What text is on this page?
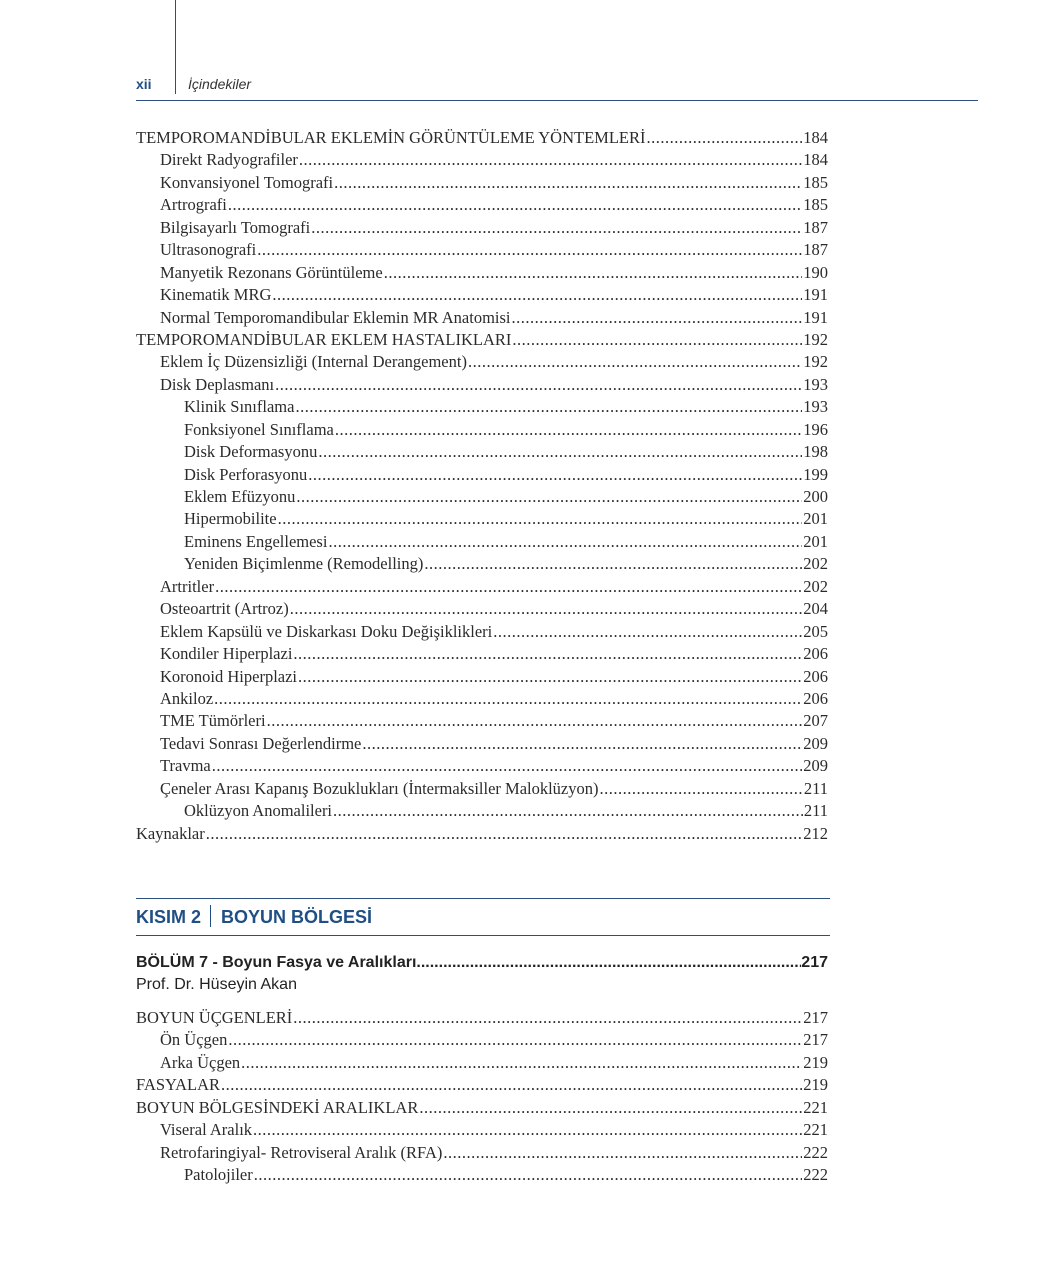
xii	İçindekiler
TEMPOROMANDİBULAR EKLEMİN GÖRÜNTÜLEME YÖNTEMLERİ .....	184
Direkt Radyografiler .....	184
Konvansiyonel Tomografi .....	185
Artrografi .....	185
Bilgisayarlı Tomografi .....	187
Ultrasonografi .....	187
Manyetik Rezonans Görüntüleme .....	190
Kinematik MRG .....	191
Normal Temporomandibular Eklemin MR Anatomisi .....	191
TEMPOROMANDİBULAR EKLEM HASTALIKLARI .....	192
Eklem İç Düzensizliği (Internal Derangement) .....	192
Disk Deplasmanı .....	193
Klinik Sınıflama .....	193
Fonksiyonel Sınıflama .....	196
Disk Deformasyonu .....	198
Disk Perforasyonu .....	199
Eklem Efüzyonu .....	200
Hipermobilite .....	201
Eminens Engellemesi .....	201
Yeniden Biçimlenme (Remodelling) .....	202
Artritler .....	202
Osteoartrit (Artroz) .....	204
Eklem Kapsülü ve Diskarkası Doku Değişiklikleri .....	205
Kondiler Hiperplazi .....	206
Koronoid Hiperplazi .....	206
Ankiloz .....	206
TME Tümörleri .....	207
Tedavi Sonrası Değerlendirme .....	209
Travma .....	209
Çeneler Arası Kapanış Bozuklukları (İntermaksiller Maloklüzyon) .....	211
Oklüzyon Anomalileri .....	211
Kaynaklar .....	212
KISIM 2 BOYUN BÖLGESİ
BÖLÜM 7 - Boyun Fasya ve Aralıkları .....	217
Prof. Dr. Hüseyin Akan
BOYUN ÜÇGENLERİ .....	217
Ön Üçgen .....	217
Arka Üçgen .....	219
FASYALAR .....	219
BOYUN BÖLGESİNDEKİ ARALIKLAR .....	221
Viseral Aralık .....	221
Retrofaringiyal- Retroviseral Aralık (RFA) .....	222
Patolojiler .....	222
